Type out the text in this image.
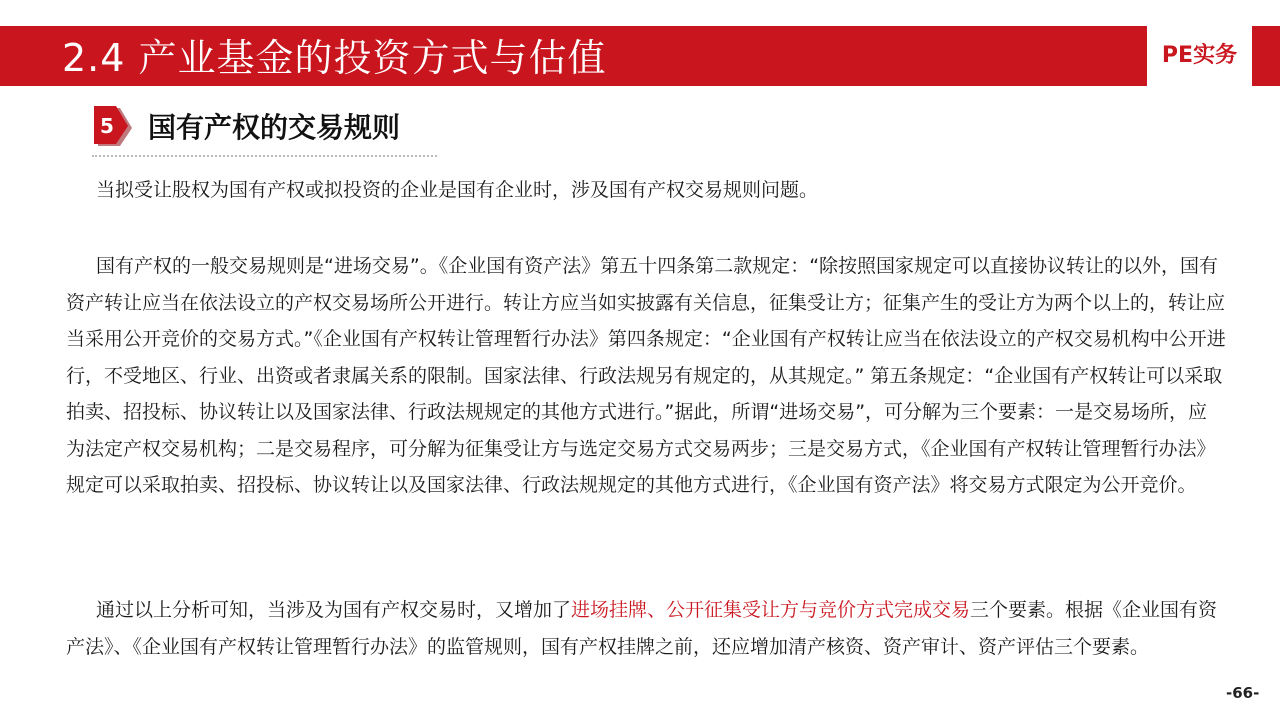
2.4 产业基金的投资方式与估值	PE实务
5 国有产权的交易规则

当拟受让股权为国有产权或拟投资的企业是国有企业时，涉及国有产权交易规则问题。

国有产权的一般交易规则是“进场交易”。《企业国有资产法》第五十四条第二款规定：“除按照国家规定可以直接协议转让的以外，国有资产转让应当在依法设立的产权交易场所公开进行。转让方应当如实披露有关信息，征集受让方；征集产生的受让方为两个以上的，转让应当采用公开竞价的交易方式。”《企业国有产权转让管理暂行办法》第四条规定：“企业国有产权转让应当在依法设立的产权交易机构中公开进行，不受地区、行业、出资或者隶属关系的限制。国家法律、行政法规另有规定的，从其规定。” 第五条规定：“企业国有产权转让可以采取拍卖、招投标、协议转让以及国家法律、行政法规规定的其他方式进行。”据此，所谓“进场交易”，可分解为三个要素：一是交易场所，应为法定产权交易机构；二是交易程序，可分解为征集受让方与选定交易方式交易两步；三是交易方式，《企业国有产权转让管理暂行办法》规定可以采取拍卖、招投标、协议转让以及国家法律、行政法规规定的其他方式进行，《企业国有资产法》将交易方式限定为公开竞价。

通过以上分析可知，当涉及为国有产权交易时，又增加了进场挂牌、公开征集受让方与竞价方式完成交易三个要素。根据《企业国有资产法》、《企业国有产权转让管理暂行办法》的监管规则，国有产权挂牌之前，还应增加清产核资、资产审计、资产评估三个要素。

-66-
